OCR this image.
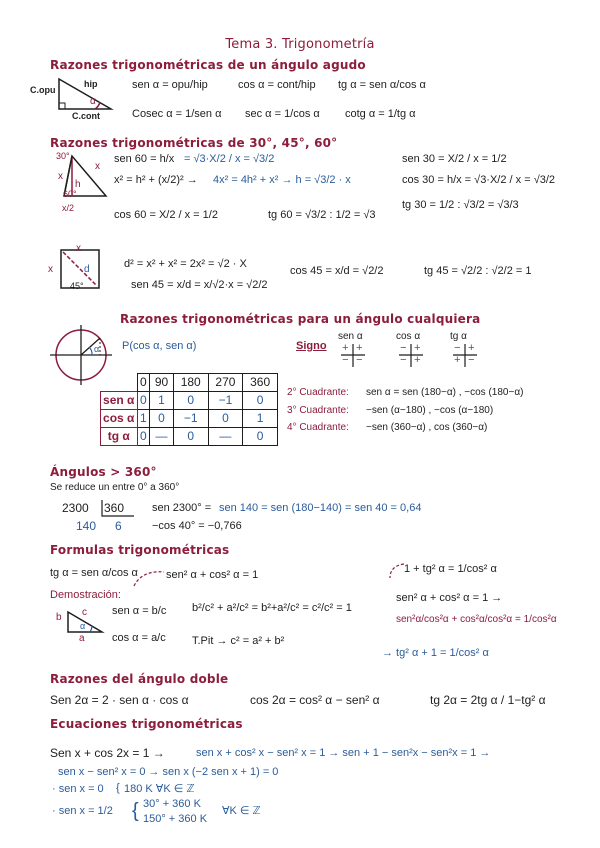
Tema 3. Trigonometría
Razones trigonométricas de un ángulo agudo
C.opu
hip
α
C.cont
sen α = opu/hip	cos α = cont/hip tg α = sen α/cos α
Cosec α = 1/sen α sec α = 1/cos α cotg α = 1/tg α
Razones trigonométricas de 30°, 45°, 60°
30°
60°
x
x
h
x/2
sen 60 = h/x = √3·X/2 / x = √3/2
x² = h² + (x/2)² → 4x² = 4h² + x² → h = √3/2 · x
cos 60 = X/2 / x = 1/2	tg 60 = √3/2 : 1/2 = √3
sen 30 = X/2 / x = 1/2
cos 30 = h/x = √3·X/2 / x = √3/2
tg 30 = 1/2 : √3/2 = √3/3
x
x	d
45°
d² = x² + x² = 2x² = √2 · X
sen 45 = x/d = x/√2·x = √2/2
cos 45 = x/d = √2/2	tg 45 = √2/2 : √2/2 = 1
Razones trigonométricas para un ángulo cualquiera
α P(cos α, sen α)	Signo
sen α	cos α	tg α
+ +
− −
− +
− +
− +
+ −
	0	90	180	270	360
sen α	0	1	0	−1	0
cos α	1	0	−1	0	1
tg α	0	—	0	—	0
2° Cuadrante: sen α = sen (180−α) , −cos (180−α)
3° Cuadrante: −sen (α−180) , −cos (α−180)
4° Cuadrante: −sen (360−α) , cos (360−α)
Ángulos > 360°
Se reduce un entre 0° a 360°
2300 360
140 6
sen 2300° = sen 140 = sen (180−140) = sen 40 = 0,64
−cos 40° = −0,766
Formulas trigonométricas
tg α = sen α/cos α	sen² α + cos² α = 1	1 + tg² α = 1/cos² α
Demostración:
b c
α
a
sen α = b/c
cos α = a/c
b²/c² + a²/c² = b²+a²/c² = c²/c² = 1
T.Pit → c² = a² + b²
sen² α + cos² α = 1 →
sen²α/cos²α + cos²α/cos²α = 1/cos²α
→ tg² α + 1 = 1/cos² α
Razones del ángulo doble
Sen 2α = 2 · sen α · cos α	cos 2α = cos² α − sen² α	tg 2α = 2tg α / 1−tg² α
Ecuaciones trigonométricas
Sen x + cos 2x = 1 →	sen x + cos² x − sen² x = 1 → sen + 1 − sen²x − sen²x = 1 →
sen x − sen² x = 0 → sen x (−2 sen x + 1) = 0
· sen x = 0 { 180 K ∀K ∈ ℤ
· sen x = 1/2 { 30° + 360 K
150° + 360 K
∀K ∈ ℤ
